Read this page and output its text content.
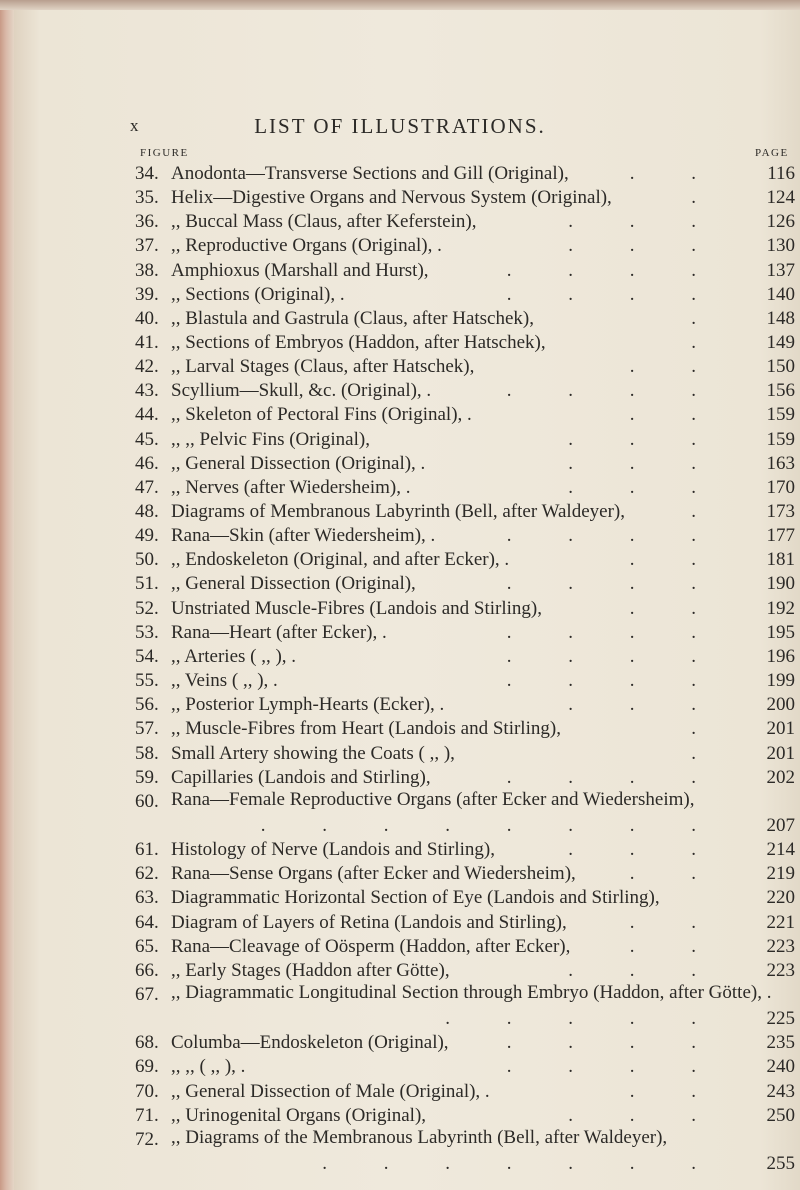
x	LIST OF ILLUSTRATIONS.
FIGURE	PAGE
34. Anodonta—Transverse Sections and Gill (Original),	. .	116
35. Helix—Digestive Organs and Nervous System (Original),	.	124
36. ,, Buccal Mass (Claus, after Keferstein),	. . .	126
37. ,, Reproductive Organs (Original), .	. . .	130
38. Amphioxus (Marshall and Hurst),	. . . .	137
39. ,, Sections (Original), .	. . . .	140
40. ,, Blastula and Gastrula (Claus, after Hatschek),	.	148
41. ,, Sections of Embryos (Haddon, after Hatschek),	.	149
42. ,, Larval Stages (Claus, after Hatschek),	. .	150
43. Scyllium—Skull, &c. (Original), .	. . . .	156
44. ,, Skeleton of Pectoral Fins (Original), .	. .	159
45. ,, ,, Pelvic Fins (Original),	. . .	159
46. ,, General Dissection (Original), .	. . .	163
47. ,, Nerves (after Wiedersheim), .	. . .	170
48. Diagrams of Membranous Labyrinth (Bell, after Waldeyer),	.	173
49. Rana—Skin (after Wiedersheim), .	. . . .	177
50. ,, Endoskeleton (Original, and after Ecker), .	. .	181
51. ,, General Dissection (Original),	. . . .	190
52. Unstriated Muscle-Fibres (Landois and Stirling),	. .	192
53. Rana—Heart (after Ecker), .	. . . .	195
54. ,, Arteries ( ,, ), .	. . . .	196
55. ,, Veins ( ,, ), .	. . . .	199
56. ,, Posterior Lymph-Hearts (Ecker), .	. . .	200
57. ,, Muscle-Fibres from Heart (Landois and Stirling),	.	201
58. Small Artery showing the Coats ( ,, ),	.	201
59. Capillaries (Landois and Stirling),	. . . .	202
60. Rana—Female Reproductive Organs (after Ecker and Wiedersheim),
. . . . . . . .	207
61. Histology of Nerve (Landois and Stirling),	. . .	214
62. Rana—Sense Organs (after Ecker and Wiedersheim),	. .	219
63. Diagrammatic Horizontal Section of Eye (Landois and Stirling),	220
64. Diagram of Layers of Retina (Landois and Stirling),	. .	221
65. Rana—Cleavage of Oösperm (Haddon, after Ecker),	. .	223
66. ,, Early Stages (Haddon after Götte),	. . .	223
67. ,, Diagrammatic Longitudinal Section through Embryo (Haddon, after Götte), .
. . . . .	225
68. Columba—Endoskeleton (Original),	. . . .	235
69. ,, ,, ( ,, ), .	. . . .	240
70. ,, General Dissection of Male (Original), .	. .	243
71. ,, Urinogenital Organs (Original),	. . .	250
72. ,, Diagrams of the Membranous Labyrinth (Bell, after Waldeyer),
. . . . . . .	255
